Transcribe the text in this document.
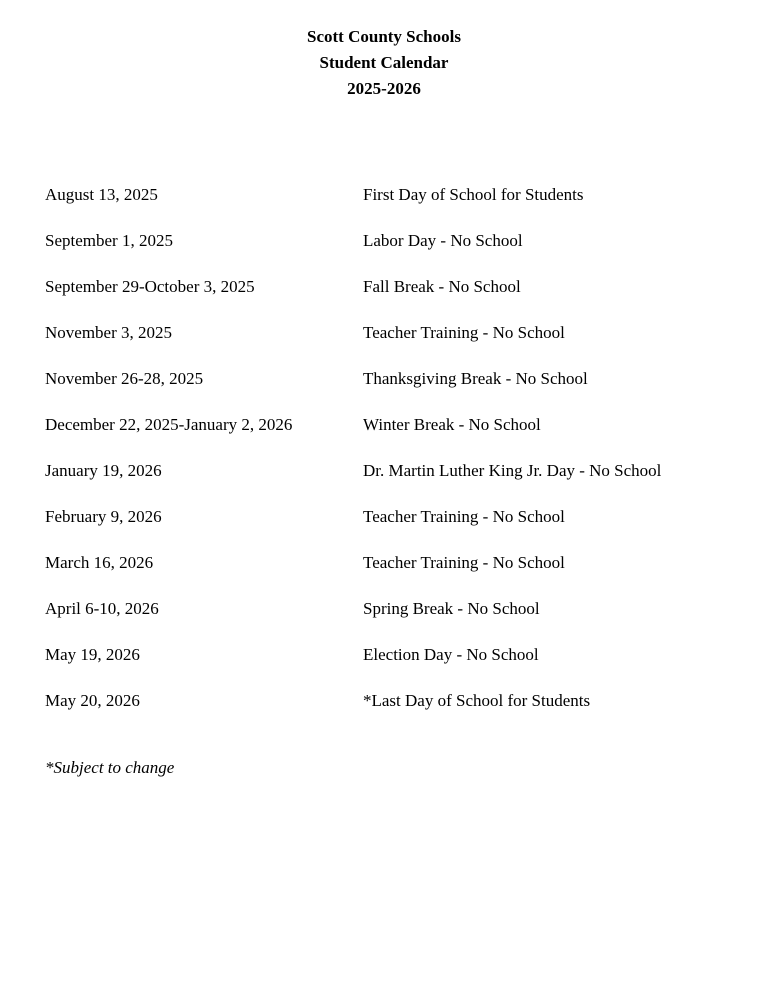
Scott County Schools
Student Calendar
2025-2026
August 13, 2025	First Day of School for Students
September 1, 2025	Labor Day - No School
September 29-October 3, 2025	Fall Break - No School
November 3, 2025	Teacher Training - No School
November 26-28, 2025	Thanksgiving Break - No School
December 22, 2025-January 2, 2026	Winter Break - No School
January 19, 2026	Dr. Martin Luther King Jr. Day - No School
February 9, 2026	Teacher Training - No School
March 16, 2026	Teacher Training - No School
April 6-10, 2026	Spring Break - No School
May 19, 2026	Election Day - No School
May 20, 2026	*Last Day of School for Students
*Subject to change
